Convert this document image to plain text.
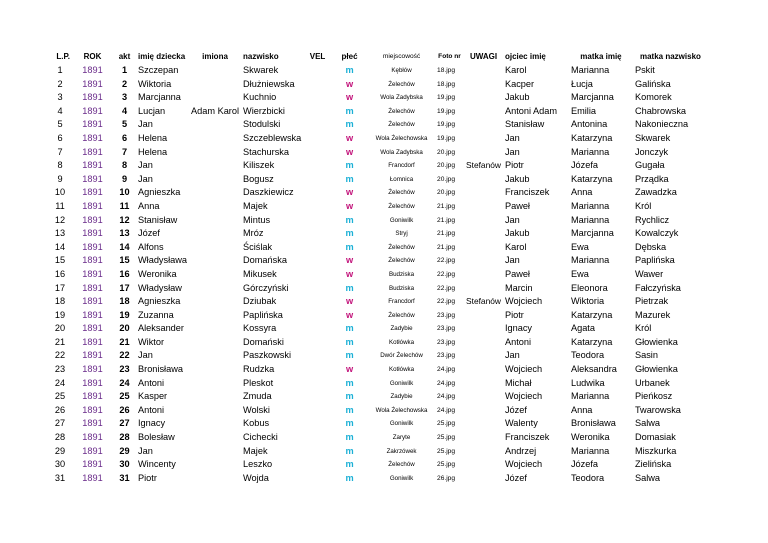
L.P.	ROK	akt	imię dziecka	imiona	nazwisko	VEL	płeć	miejscowość	Foto nr	UWAGI	ojciec imię	matka imię	matka nazwisko
1	1891	1	Szczepan		Skwarek		m	Kębłów	18.jpg		Karol	Marianna	Pskit
2	1891	2	Wiktoria		Dłużniewska		w	Żelechów	18.jpg		Kacper	Łucja	Galińska
3	1891	3	Marcjanna		Kuchnio		w	Wola Zadybska	19.jpg		Jakub	Marcjanna	Komorek
4	1891	4	Lucjan	Adam Karol	Wierzbicki		m	Żelechów	19.jpg		Antoni Adam	Emilia	Chabrowska
5	1891	5	Jan		Stodulski		m	Żelechów	19.jpg		Stanisław	Antonina	Nakonieczna
6	1891	6	Helena		Szczeblewska		w	Wola Żelechowska	19.jpg		Jan	Katarzyna	Skwarek
7	1891	7	Helena		Stachurska		w	Wola Zadybska	20.jpg		Jan	Marianna	Jonczyk
8	1891	8	Jan		Kiliszek		m	Francdorf	20.jpg	Stefanów	Piotr	Józefa	Gugała
9	1891	9	Jan		Bogusz		m	Łomnica	20.jpg		Jakub	Katarzyna	Prządka
10	1891	10	Agnieszka		Daszkiewicz		w	Żelechów	20.jpg		Franciszek	Anna	Zawadzka
11	1891	11	Anna		Majek		w	Żelechów	21.jpg		Paweł	Marianna	Król
12	1891	12	Stanisław		Mintus		m	Goniwilk	21.jpg		Jan	Marianna	Rychlicz
13	1891	13	Józef		Mróz		m	Stryj	21.jpg		Jakub	Marcjanna	Kowalczyk
14	1891	14	Alfons		Ściślak		m	Żelechów	21.jpg		Karol	Ewa	Dębska
15	1891	15	Władysława		Domańska		w	Żelechów	22.jpg		Jan	Marianna	Paplińska
16	1891	16	Weronika		Mikusek		w	Budziska	22.jpg		Paweł	Ewa	Wawer
17	1891	17	Władysław		Górczyński		m	Budziska	22.jpg		Marcin	Eleonora	Fałczyńska
18	1891	18	Agnieszka		Dziubak		w	Francdorf	22.jpg	Stefanów	Wojciech	Wiktoria	Pietrzak
19	1891	19	Zuzanna		Paplińska		w	Żelechów	23.jpg		Piotr	Katarzyna	Mazurek
20	1891	20	Aleksander		Kossyra		m	Zadybie	23.jpg		Ignacy	Agata	Król
21	1891	21	Wiktor		Domański		m	Kotłówka	23.jpg		Antoni	Katarzyna	Głowienka
22	1891	22	Jan		Paszkowski		m	Dwór Żelechów	23.jpg		Jan	Teodora	Sasin
23	1891	23	Bronisława		Rudzka		w	Kotłówka	24.jpg		Wojciech	Aleksandra	Głowienka
24	1891	24	Antoni		Pleskot		m	Goniwilk	24.jpg		Michał	Ludwika	Urbanek
25	1891	25	Kasper		Zmuda		m	Zadybie	24.jpg		Wojciech	Marianna	Pieńkosz
26	1891	26	Antoni		Wolski		m	Wola Żelechowska	24.jpg		Józef	Anna	Twarowska
27	1891	27	Ignacy		Kobus		m	Goniwilk	25.jpg		Walenty	Bronisława	Salwa
28	1891	28	Bolesław		Cichecki		m	Zaryte	25.jpg		Franciszek	Weronika	Domasiak
29	1891	29	Jan		Majek		m	Zakrzówek	25.jpg		Andrzej	Marianna	Miszkurka
30	1891	30	Wincenty		Leszko		m	Żelechów	25.jpg		Wojciech	Józefa	Zielińska
31	1891	31	Piotr		Wojda		m	Goniwilk	26.jpg		Józef	Teodora	Salwa
